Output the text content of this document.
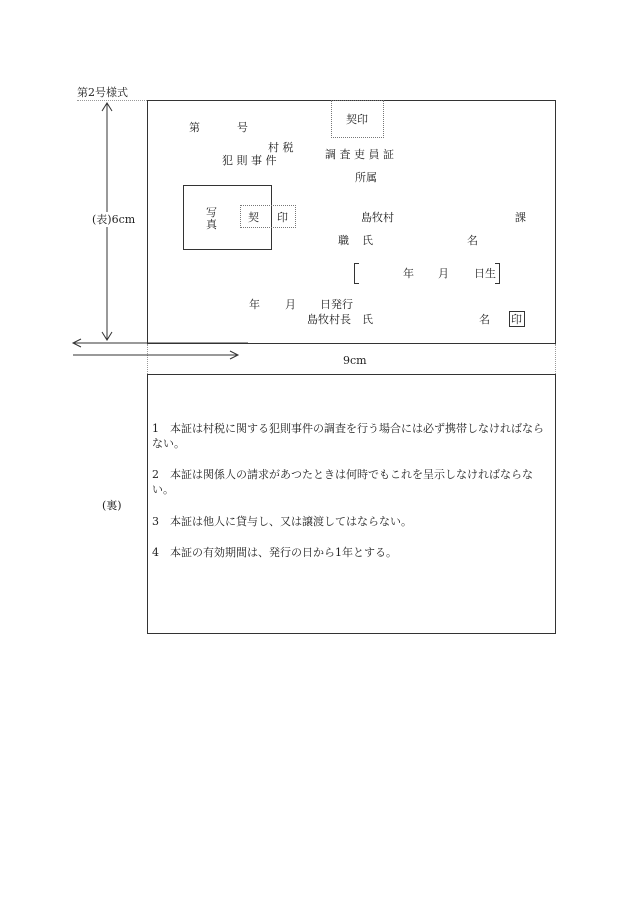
第2号様式
(表)6cm
契印
第	号
村 税
犯 則 事 件	調 査 吏 員 証
所属
写
真
契 印	島牧村	課
職 氏	名
年 月 日生
年 月 日発行
島牧村長　氏	名 印
9cm
(裏)
1　本証は村税に関する犯則事件の調査を行う場合には必ず携帯しなければならない。
2　本証は関係人の請求があつたときは何時でもこれを呈示しなければならない。
3　本証は他人に貸与し、又は譲渡してはならない。
4　本証の有効期間は、発行の日から1年とする。
